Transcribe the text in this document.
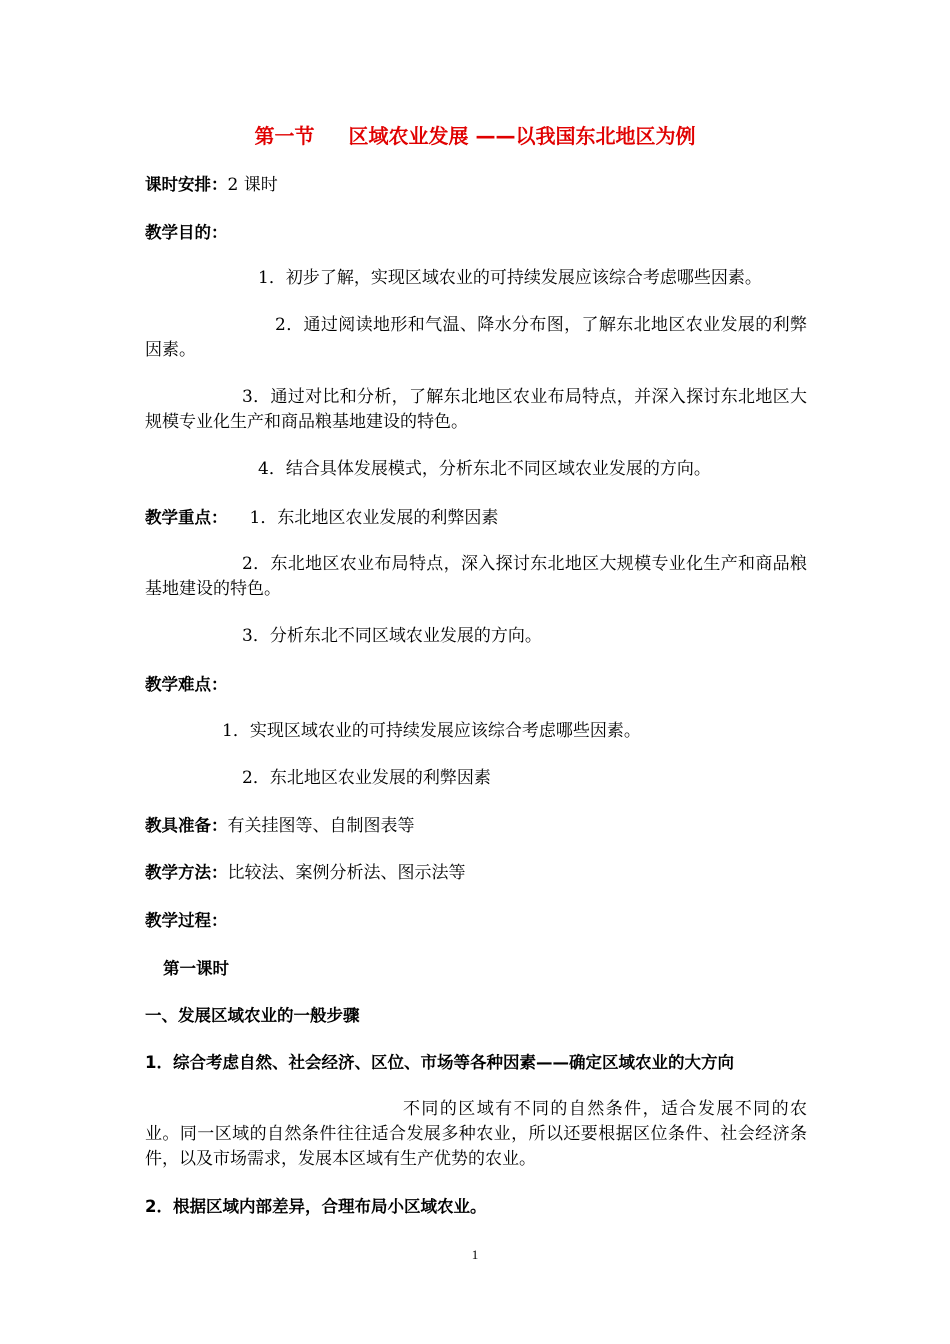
第一节 区域农业发展 ——以我国东北地区为例
课时安排：2 课时
教学目的：
1．初步了解，实现区域农业的可持续发展应该综合考虑哪些因素。
2．通过阅读地形和气温、降水分布图，了解东北地区农业发展的利弊因素。
3．通过对比和分析，了解东北地区农业布局特点，并深入探讨东北地区大规模专业化生产和商品粮基地建设的特色。
4．结合具体发展模式，分析东北不同区域农业发展的方向。
教学重点： 1．东北地区农业发展的利弊因素
2．东北地区农业布局特点，深入探讨东北地区大规模专业化生产和商品粮基地建设的特色。
3．分析东北不同区域农业发展的方向。
教学难点：
1．实现区域农业的可持续发展应该综合考虑哪些因素。
2．东北地区农业发展的利弊因素
教具准备：有关挂图等、自制图表等
教学方法：比较法、案例分析法、图示法等
教学过程：
第一课时
一、发展区域农业的一般步骤
1．综合考虑自然、社会经济、区位、市场等各种因素——确定区域农业的大方向
不同的区域有不同的自然条件，适合发展不同的农业。同一区域的自然条件往往适合发展多种农业，所以还要根据区位条件、社会经济条件，以及市场需求，发展本区域有生产优势的农业。
2．根据区域内部差异，合理布局小区域农业。
1
